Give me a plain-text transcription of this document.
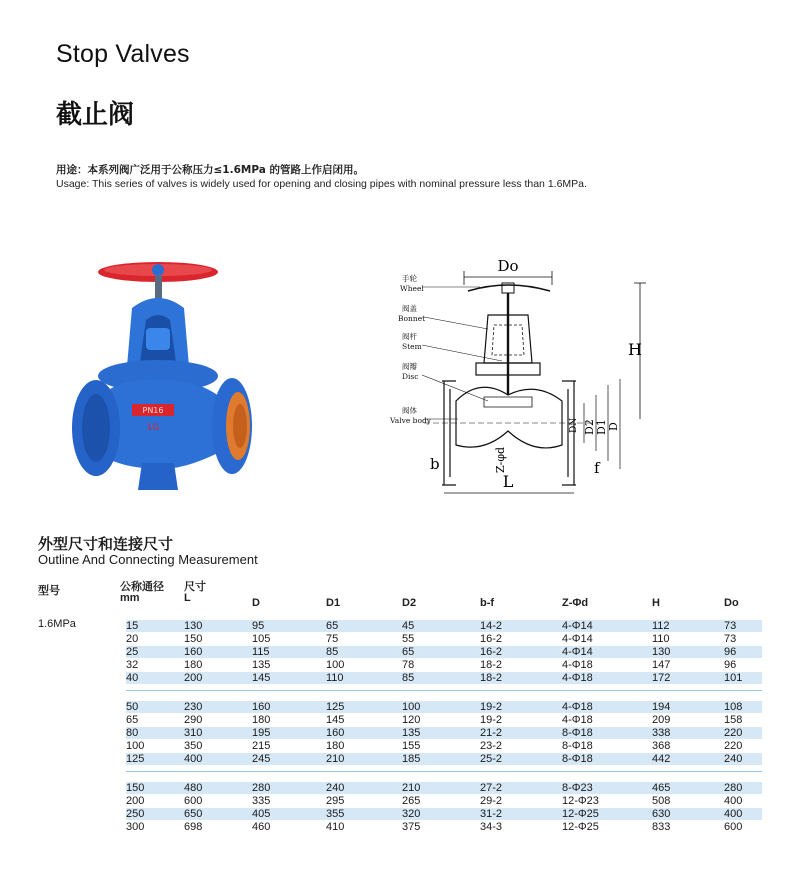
Stop Valves
截止阀
用途：本系列阀广泛用于公称压力≤1.6MPa 的管路上作启闭用。
Usage: This series of valves is widely used for opening and closing pipes with nominal pressure less than 1.6MPa.
PN16
1G
Do
H
DN D2 D1 D
Z-φd
L
b	f
手轮
Wheel
阀盖
Bonnet
阀杆
Stem
阀瓣
Disc
阀体
Valve body
外型尺寸和连接尺寸
Outline And Connecting Measurement
型号	公称通径
mm
尺寸
L	D	D1	D2	b-f	Z-Φd	H	Do
1.6MPa	15	130	95	65	45	14-2	4-Φ14	112	73
20	150	105	75	55	16-2	4-Φ14	110	73
25	160	115	85	65	16-2	4-Φ14	130	96
32	180	135	100	78	18-2	4-Φ18	147	96
40	200	145	110	85	18-2	4-Φ18	172	101
50	230	160	125	100	19-2	4-Φ18	194	108
65	290	180	145	120	19-2	4-Φ18	209	158
80	310	195	160	135	21-2	8-Φ18	338	220
100	350	215	180	155	23-2	8-Φ18	368	220
125	400	245	210	185	25-2	8-Φ18	442	240
150	480	280	240	210	27-2	8-Φ23	465	280
200	600	335	295	265	29-2	12-Φ23	508	400
250	650	405	355	320	31-2	12-Φ25	630	400
300	698	460	410	375	34-3	12-Φ25	833	600
